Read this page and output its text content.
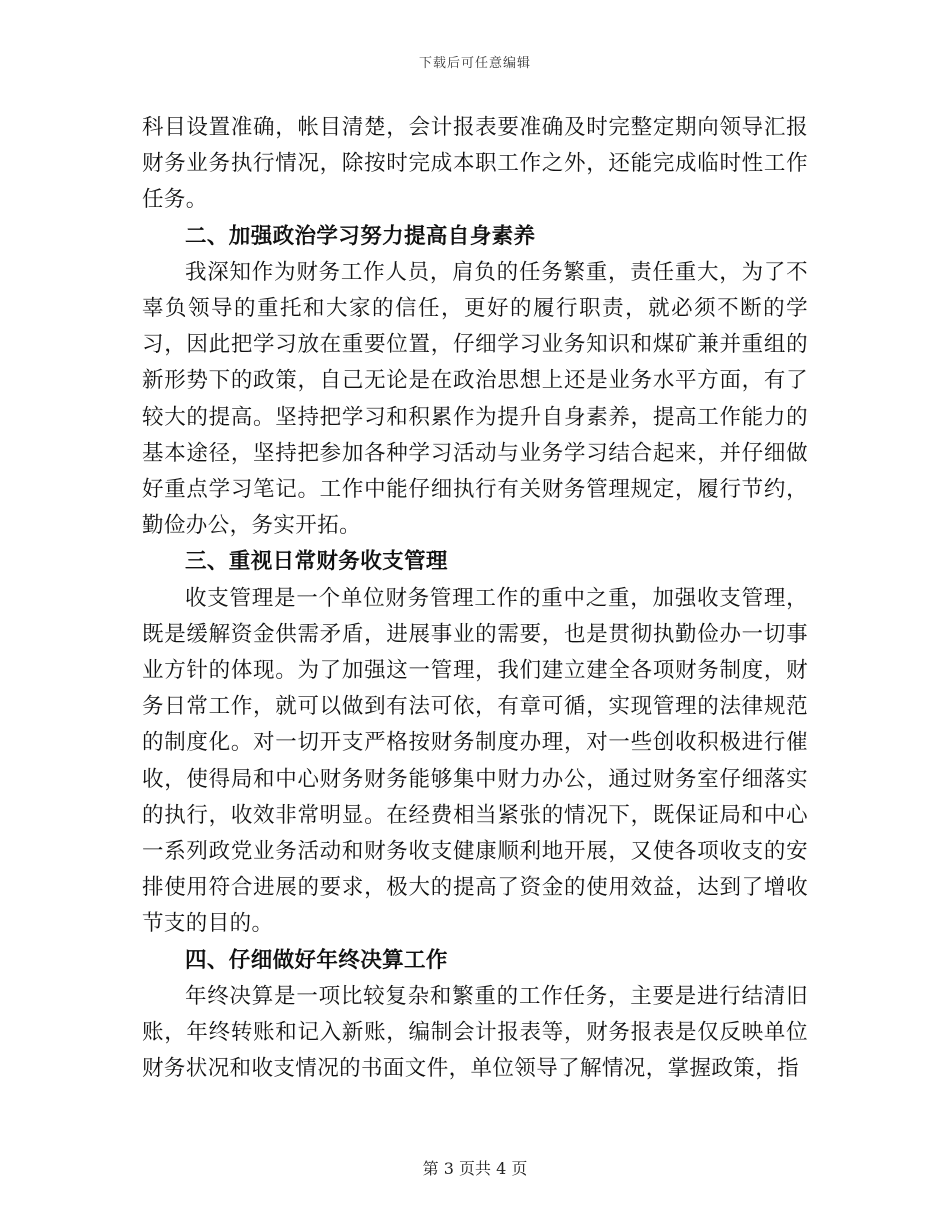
下载后可任意编辑

科目设置准确，帐目清楚，会计报表要准确及时完整定期向领导汇报财务业务执行情况，除按时完成本职工作之外，还能完成临时性工作任务。

二、加强政治学习努力提高自身素养

我深知作为财务工作人员，肩负的任务繁重，责任重大，为了不辜负领导的重托和大家的信任，更好的履行职责，就必须不断的学习，因此把学习放在重要位置，仔细学习业务知识和煤矿兼并重组的新形势下的政策，自己无论是在政治思想上还是业务水平方面，有了较大的提高。坚持把学习和积累作为提升自身素养，提高工作能力的基本途径，坚持把参加各种学习活动与业务学习结合起来，并仔细做好重点学习笔记。工作中能仔细执行有关财务管理规定，履行节约，勤俭办公，务实开拓。

三、重视日常财务收支管理

收支管理是一个单位财务管理工作的重中之重，加强收支管理，既是缓解资金供需矛盾，进展事业的需要，也是贯彻执勤俭办一切事业方针的体现。为了加强这一管理，我们建立建全各项财务制度，财务日常工作，就可以做到有法可依，有章可循，实现管理的法律规范的制度化。对一切开支严格按财务制度办理，对一些创收积极进行催收，使得局和中心财务财务能够集中财力办公，通过财务室仔细落实的执行，收效非常明显。在经费相当紧张的情况下，既保证局和中心一系列政党业务活动和财务收支健康顺利地开展，又使各项收支的安排使用符合进展的要求，极大的提高了资金的使用效益，达到了增收节支的目的。

四、仔细做好年终决算工作

年终决算是一项比较复杂和繁重的工作任务，主要是进行结清旧账，年终转账和记入新账，编制会计报表等，财务报表是仅反映单位财务状况和收支情况的书面文件，单位领导了解情况，掌握政策，指

第 3 页共 4 页
